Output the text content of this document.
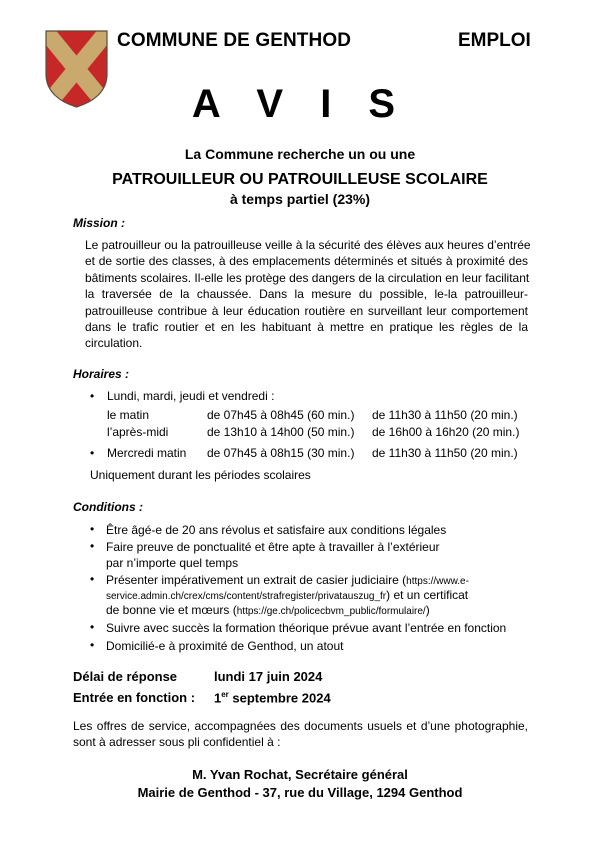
COMMUNE DE GENTHOD	EMPLOI
A V I S
La Commune recherche un ou une
PATROUILLEUR OU PATROUILLEUSE SCOLAIRE
à temps partiel (23%)
Mission :
Le patrouilleur ou la patrouilleuse veille à la sécurité des élèves aux heures d’entrée
et de sortie des classes, à des emplacements déterminés et situés à proximité des
bâtiments scolaires. Il-elle les protège des dangers de la circulation en leur facilitant
la traversée de la chaussée. Dans la mesure du possible, le-la patrouilleur-
patrouilleuse contribue à leur éducation routière en surveillant leur comportement
dans le trafic routier et en les habituant à mettre en pratique les règles de la
circulation.
Horaires :
• Lundi, mardi, jeudi et vendredi :
le matin	de 07h45 à 08h45 (60 min.) de 11h30 à 11h50 (20 min.)
l’après-midi	de 13h10 à 14h00 (50 min.) de 16h00 à 16h20 (20 min.)
• Mercredi matin de 07h45 à 08h15 (30 min.) de 11h30 à 11h50 (20 min.)
Uniquement durant les périodes scolaires
Conditions :
• Être âgé-e de 20 ans révolus et satisfaire aux conditions légales
• Faire preuve de ponctualité et être apte à travailler à l’extérieur
par n’importe quel temps
• Présenter impérativement un extrait de casier judiciaire (https://www.e-
service.admin.ch/crex/cms/content/strafregister/privatauszug_fr) et un certificat
de bonne vie et mœurs (https://ge.ch/policecbvm_public/formulaire/)
• Suivre avec succès la formation théorique prévue avant l’entrée en fonction
• Domicilié-e à proximité de Genthod, un atout
Délai de réponse	lundi 17 juin 2024
Entrée en fonction : 1er septembre 2024
Les offres de service, accompagnées des documents usuels et d’une photographie,
sont à adresser sous pli confidentiel à :
M. Yvan Rochat, Secrétaire général
Mairie de Genthod - 37, rue du Village, 1294 Genthod
